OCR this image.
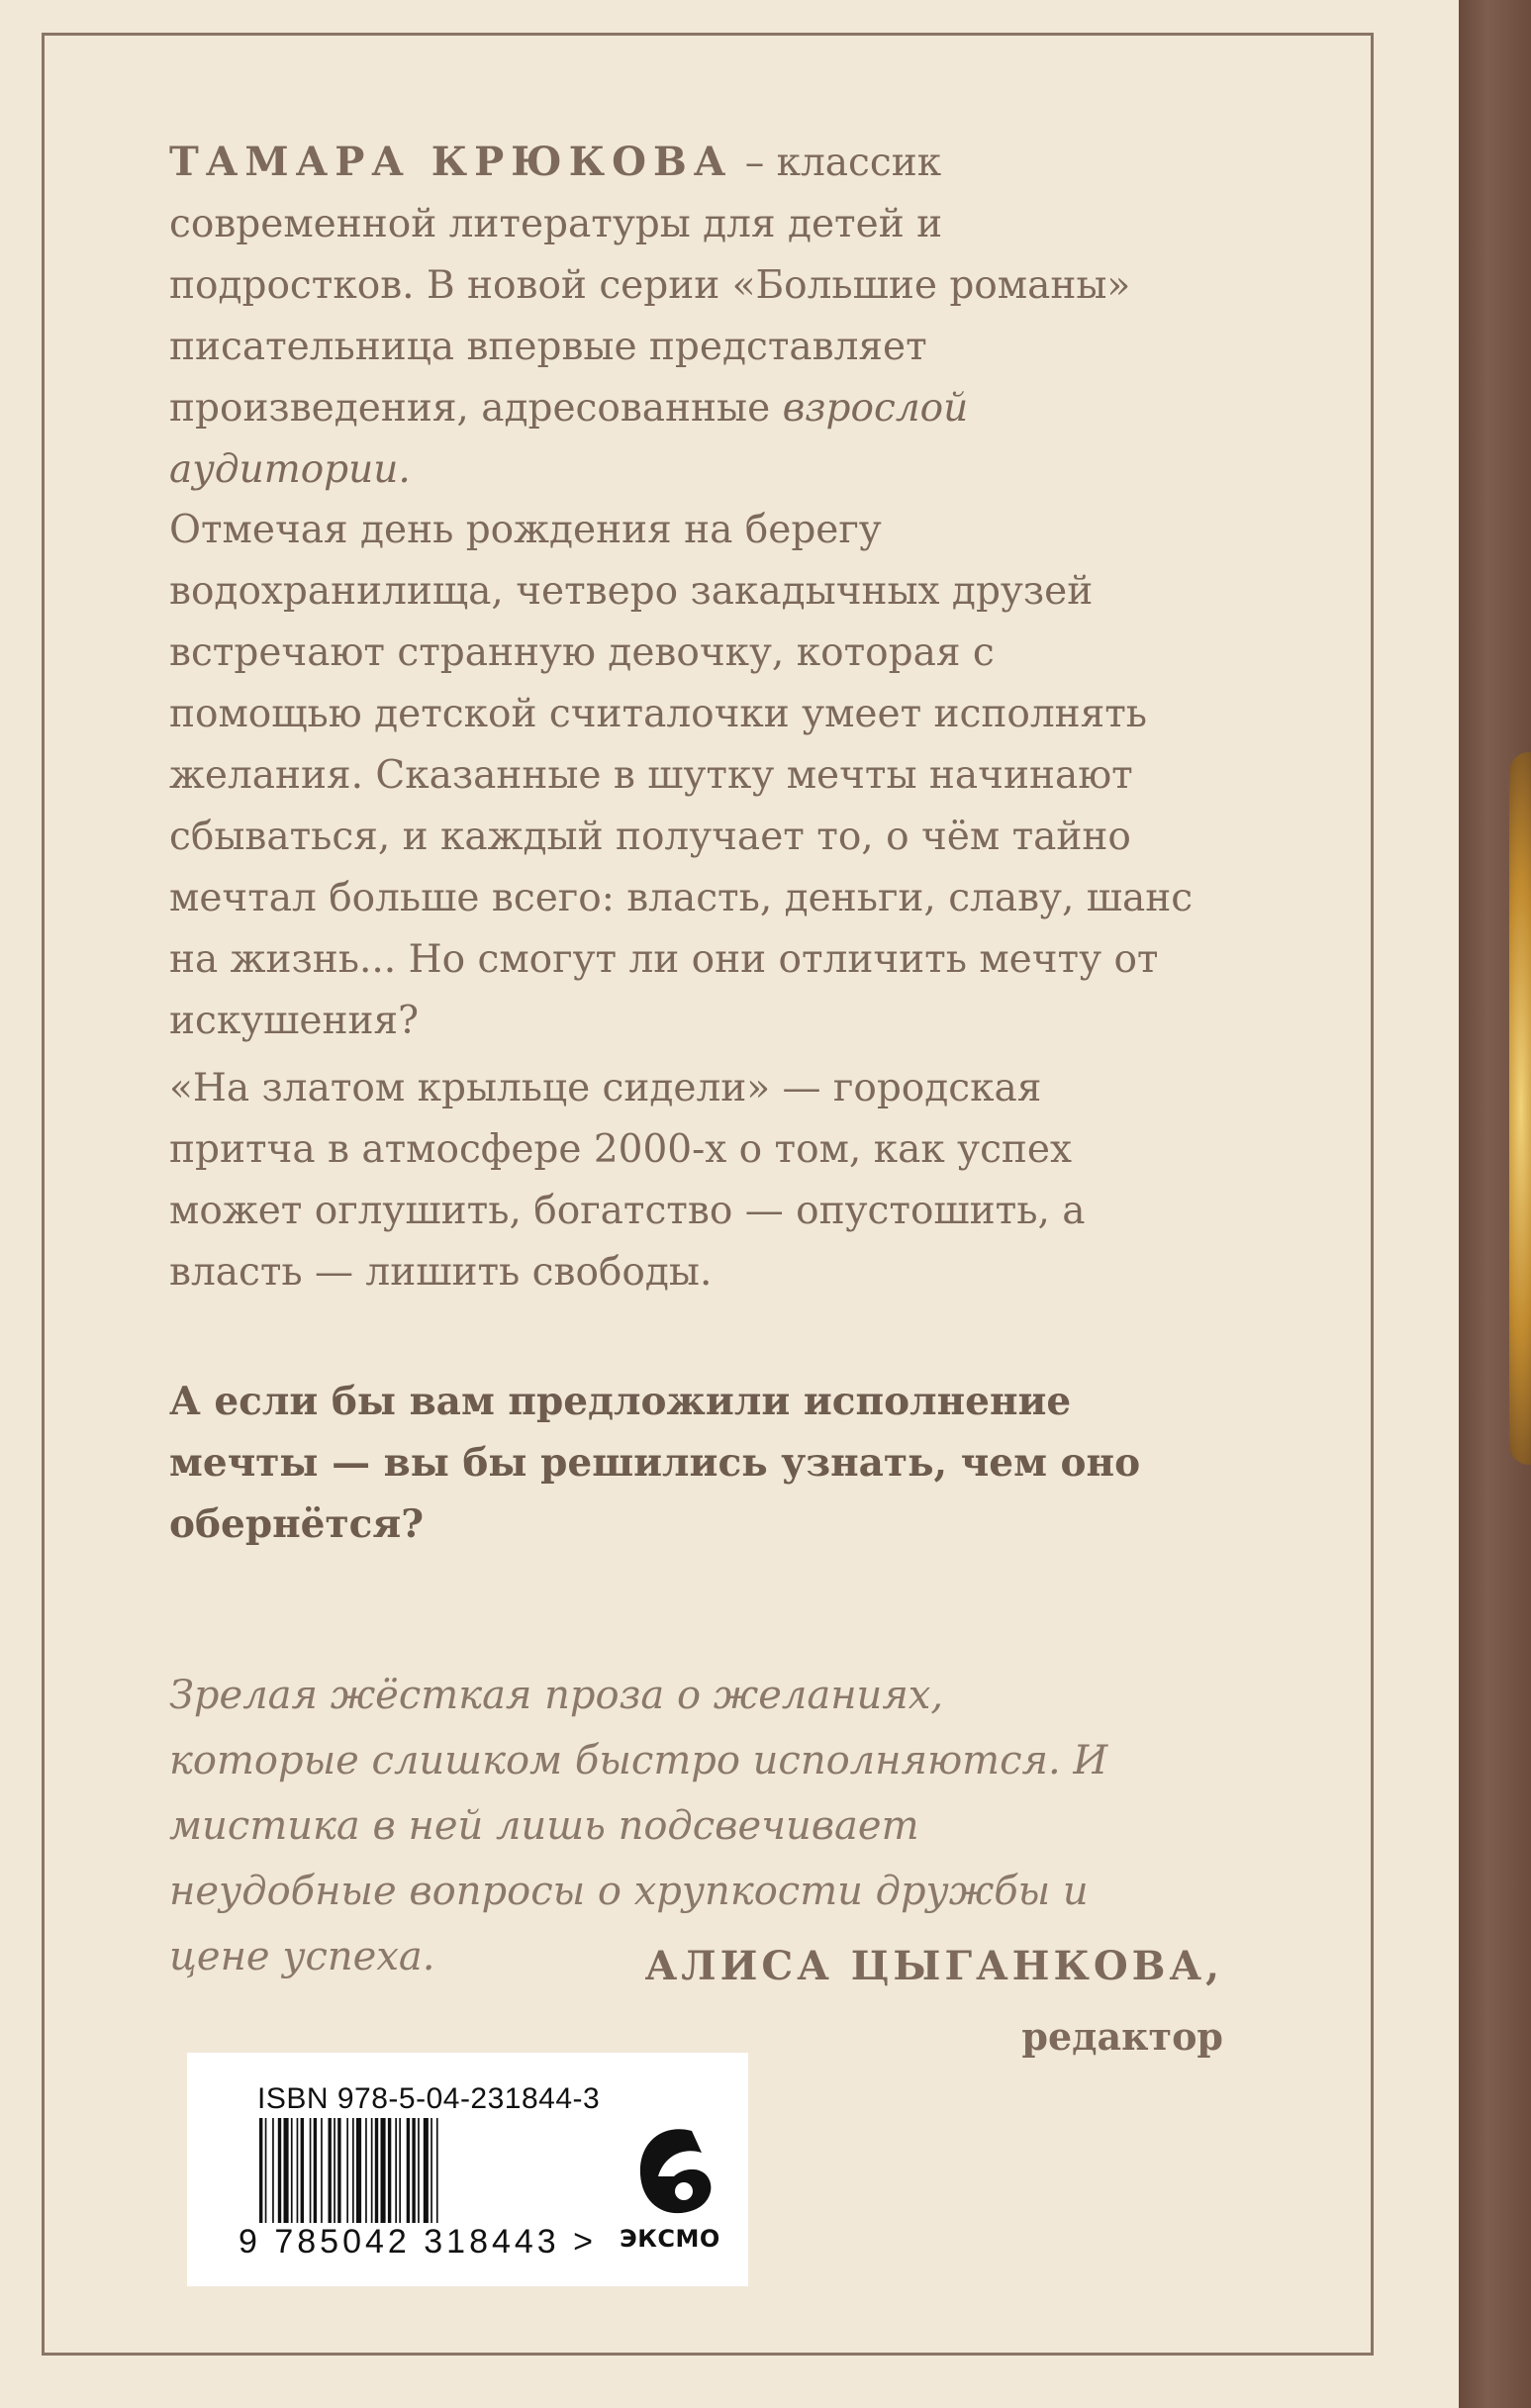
ТАМАРА КРЮКОВА – классик современной литературы для детей и подростков. В новой серии «Большие романы» писательница впервые представляет произведения, адресованные взрослой аудитории.

Отмечая день рождения на берегу водохранилища, четверо закадычных друзей встречают странную девочку, которая с помощью детской считалочки умеет исполнять желания. Сказанные в шутку мечты начинают сбываться, и каждый получает то, о чём тайно мечтал больше всего: власть, деньги, славу, шанс на жизнь... Но смогут ли они отличить мечту от искушения?

«На златом крыльце сидели» — городская притча в атмосфере 2000-х о том, как успех может оглушить, богатство — опустошить, а власть — лишить свободы.

А если бы вам предложили исполнение мечты — вы бы решились узнать, чем оно обернётся?

Зрелая жёсткая проза о желаниях, которые слишком быстро исполняются. И мистика в ней лишь подсвечивает неудобные вопросы о хрупкости дружбы и цене успеха.	АЛИСА ЦЫГАНКОВА,
редактор
ISBN 978-5-04-231844-3
9 785042 318443 > ЭКСМО
